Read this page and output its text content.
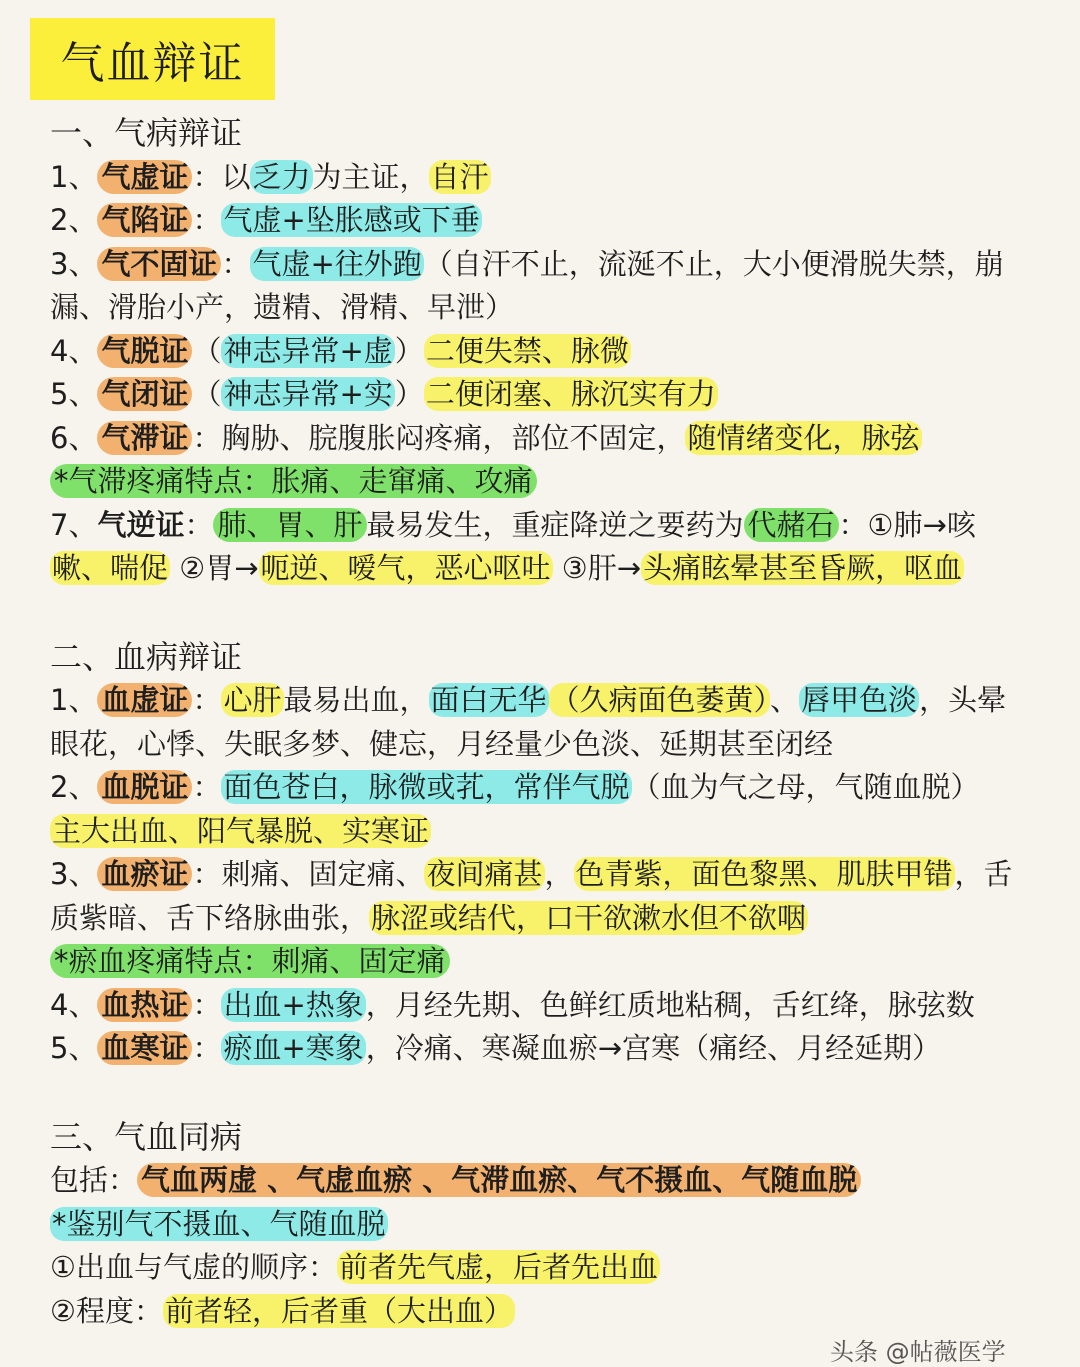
气血辩证
一、气病辩证
1、 气虚证 ：以乏力为主证，自汗
2、 气陷证 ：气虚+坠胀感或下垂
3、 气不固证 ：气虚+往外跑（自汗不止，流涎不止，大小便滑脱失禁，崩
漏、滑胎小产，遗精、滑精、早泄）
4、 气脱证 （神志异常+虚）二便失禁、脉微
5、 气闭证 （神志异常+实）二便闭塞、脉沉实有力
6、 气滞证 ：胸胁、脘腹胀闷疼痛，部位不固定，随情绪变化，脉弦
*气滞疼痛特点：胀痛、走窜痛、攻痛
7、气逆证： 肺、胃、肝 最易发生，重症降逆之要药为 代赭石 ：①肺→咳
嗽、喘促 ②胃→呃逆、嗳气，恶心呕吐 ③肝→头痛眩晕甚至昏厥，呕血
二、血病辩证
1、 血虚证 ：心肝最易出血，面白无华 （久病面色萎黄）、唇甲色淡，头晕
眼花，心悸、失眠多梦、健忘，月经量少色淡、延期甚至闭经
2、 血脱证 ：面色苍白，脉微或芤，常伴气脱（血为气之母，气随血脱）
主大出血、阳气暴脱、实寒证
3、 血瘀证 ：刺痛、固定痛、夜间痛甚，色青紫，面色黎黑、肌肤甲错，舌
质紫暗、舌下络脉曲张，脉涩或结代，口干欲漱水但不欲咽
*瘀血疼痛特点：刺痛、固定痛
4、 血热证 ：出血+热象，月经先期、色鲜红质地粘稠，舌红绛，脉弦数
5、 血寒证 ：瘀血+寒象，冷痛、寒凝血瘀→宫寒（痛经、月经延期）
三、气血同病
包括： 气血两虚 、气虚血瘀 、气滞血瘀、气不摄血、气随血脱
*鉴别气不摄血、气随血脱
①出血与气虚的顺序：前者先气虚，后者先出血
②程度：前者轻，后者重（大出血）
头条 @帖薇医学
